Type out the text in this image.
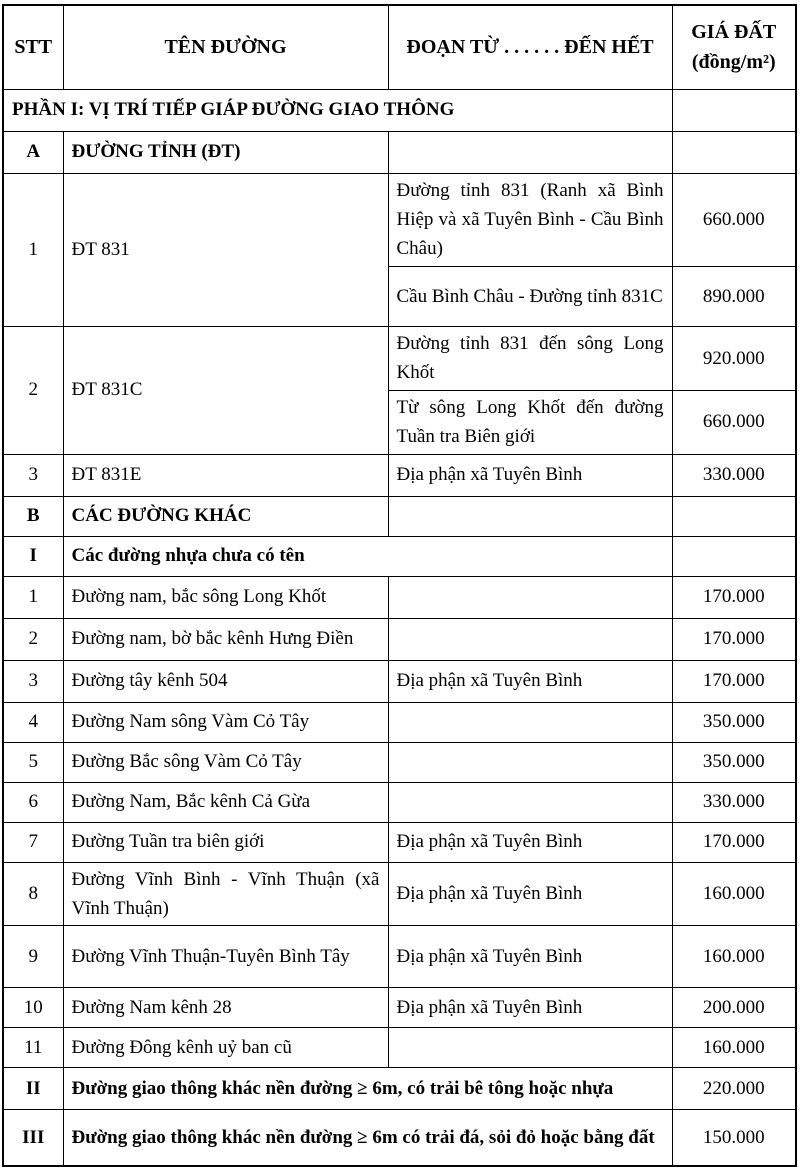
STT	TÊN ĐƯỜNG	ĐOẠN TỪ . . . . . . ĐẾN HẾT	GIÁ ĐẤT
(đồng/m²)
PHẦN I: VỊ TRÍ TIẾP GIÁP ĐƯỜNG GIAO THÔNG			
A	ĐƯỜNG TỈNH (ĐT)		
1	ĐT 831	Đường tỉnh 831 (Ranh xã Bình Hiệp và xã Tuyên Bình - Cầu Bình Châu)	660.000
		Cầu Bình Châu - Đường tỉnh 831C	890.000
2	ĐT 831C	Đường tỉnh 831 đến sông Long Khốt	920.000
		Từ sông Long Khốt đến đường Tuần tra Biên giới	660.000
3	ĐT 831E	Địa phận xã Tuyên Bình	330.000
B	CÁC ĐƯỜNG KHÁC		
I	Các đường nhựa chưa có tên		
1	Đường nam, bắc sông Long Khốt		170.000
2	Đường nam, bờ bắc kênh Hưng Điền		170.000
3	Đường tây kênh 504	Địa phận xã Tuyên Bình	170.000
4	Đường Nam sông Vàm Cỏ Tây		350.000
5	Đường Bắc sông Vàm Cỏ Tây		350.000
6	Đường Nam, Bắc kênh Cả Gừa		330.000
7	Đường Tuần tra biên giới	Địa phận xã Tuyên Bình	170.000
8	Đường Vĩnh Bình - Vĩnh Thuận (xã Vĩnh Thuận)	Địa phận xã Tuyên Bình	160.000
9	Đường Vĩnh Thuận-Tuyên Bình Tây	Địa phận xã Tuyên Bình	160.000
10	Đường Nam kênh 28	Địa phận xã Tuyên Bình	200.000
11	Đường Đông kênh uỷ ban cũ		160.000
II	Đường giao thông khác nền đường ≥ 6m, có trải bê tông hoặc nhựa		220.000
III	Đường giao thông khác nền đường ≥ 6m có trải đá, sỏi đỏ hoặc bằng đất		150.000
